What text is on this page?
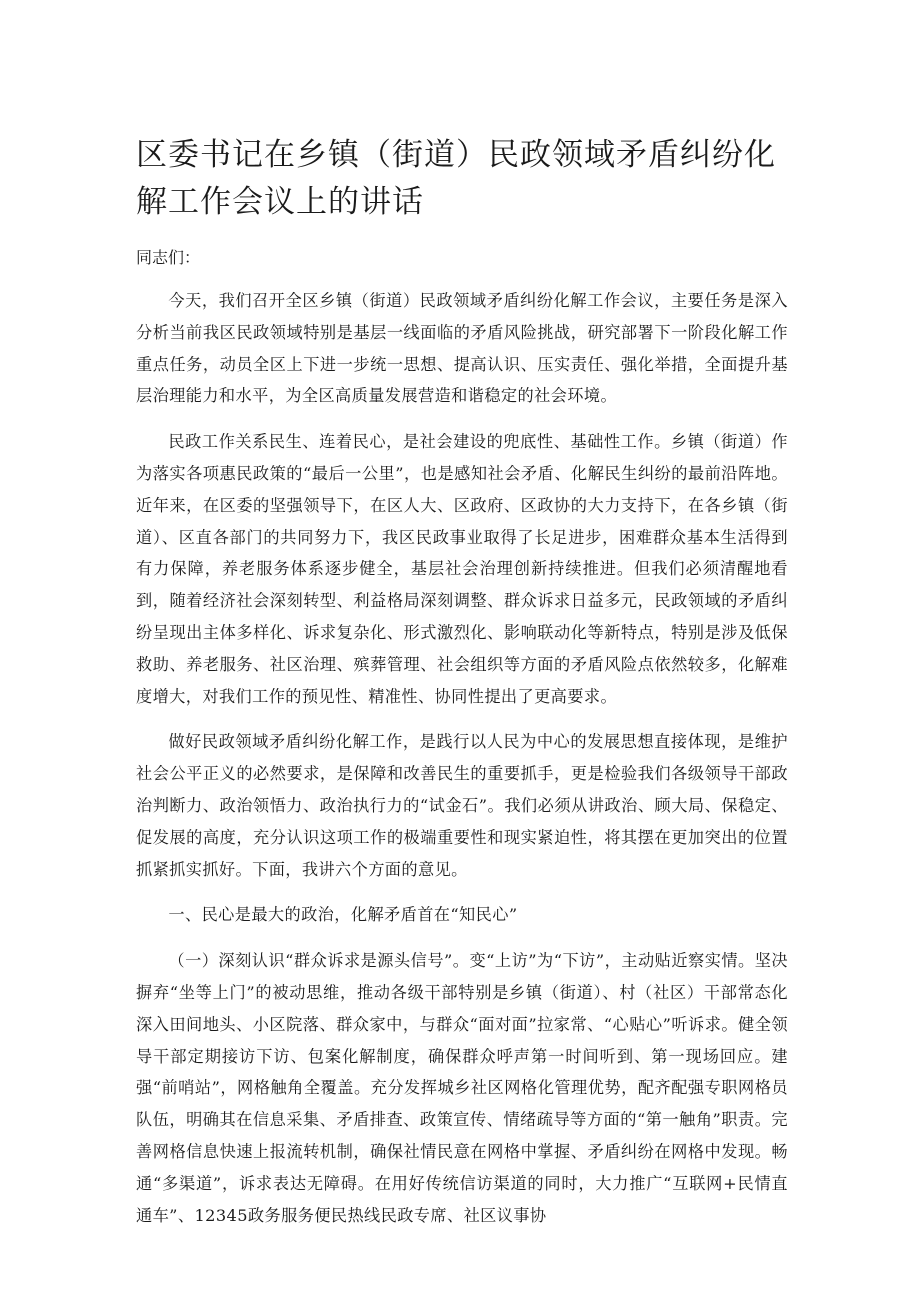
区委书记在乡镇（街道）民政领域矛盾纠纷化解工作会议上的讲话

同志们：

今天，我们召开全区乡镇（街道）民政领域矛盾纠纷化解工作会议，主要任务是深入分析当前我区民政领域特别是基层一线面临的矛盾风险挑战，研究部署下一阶段化解工作重点任务，动员全区上下进一步统一思想、提高认识、压实责任、强化举措，全面提升基层治理能力和水平，为全区高质量发展营造和谐稳定的社会环境。

民政工作关系民生、连着民心，是社会建设的兜底性、基础性工作。乡镇（街道）作为落实各项惠民政策的“最后一公里”，也是感知社会矛盾、化解民生纠纷的最前沿阵地。近年来，在区委的坚强领导下，在区人大、区政府、区政协的大力支持下，在各乡镇（街道）、区直各部门的共同努力下，我区民政事业取得了长足进步，困难群众基本生活得到有力保障，养老服务体系逐步健全，基层社会治理创新持续推进。但我们必须清醒地看到，随着经济社会深刻转型、利益格局深刻调整、群众诉求日益多元，民政领域的矛盾纠纷呈现出主体多样化、诉求复杂化、形式激烈化、影响联动化等新特点，特别是涉及低保救助、养老服务、社区治理、殡葬管理、社会组织等方面的矛盾风险点依然较多，化解难度增大，对我们工作的预见性、精准性、协同性提出了更高要求。

做好民政领域矛盾纠纷化解工作，是践行以人民为中心的发展思想直接体现，是维护社会公平正义的必然要求，是保障和改善民生的重要抓手，更是检验我们各级领导干部政治判断力、政治领悟力、政治执行力的“试金石”。我们必须从讲政治、顾大局、保稳定、促发展的高度，充分认识这项工作的极端重要性和现实紧迫性，将其摆在更加突出的位置抓紧抓实抓好。下面，我讲六个方面的意见。

一、民心是最大的政治，化解矛盾首在“知民心”

（一）深刻认识“群众诉求是源头信号”。变“上访”为“下访”，主动贴近察实情。坚决摒弃“坐等上门”的被动思维，推动各级干部特别是乡镇（街道）、村（社区）干部常态化深入田间地头、小区院落、群众家中，与群众“面对面”拉家常、“心贴心”听诉求。健全领导干部定期接访下访、包案化解制度，确保群众呼声第一时间听到、第一现场回应。建强“前哨站”，网格触角全覆盖。充分发挥城乡社区网格化管理优势，配齐配强专职网格员队伍，明确其在信息采集、矛盾排查、政策宣传、情绪疏导等方面的“第一触角”职责。完善网格信息快速上报流转机制，确保社情民意在网格中掌握、矛盾纠纷在网格中发现。畅通“多渠道”，诉求表达无障碍。在用好传统信访渠道的同时，大力推广“互联网+民情直通车”、12345政务服务便民热线民政专席、社区议事协
